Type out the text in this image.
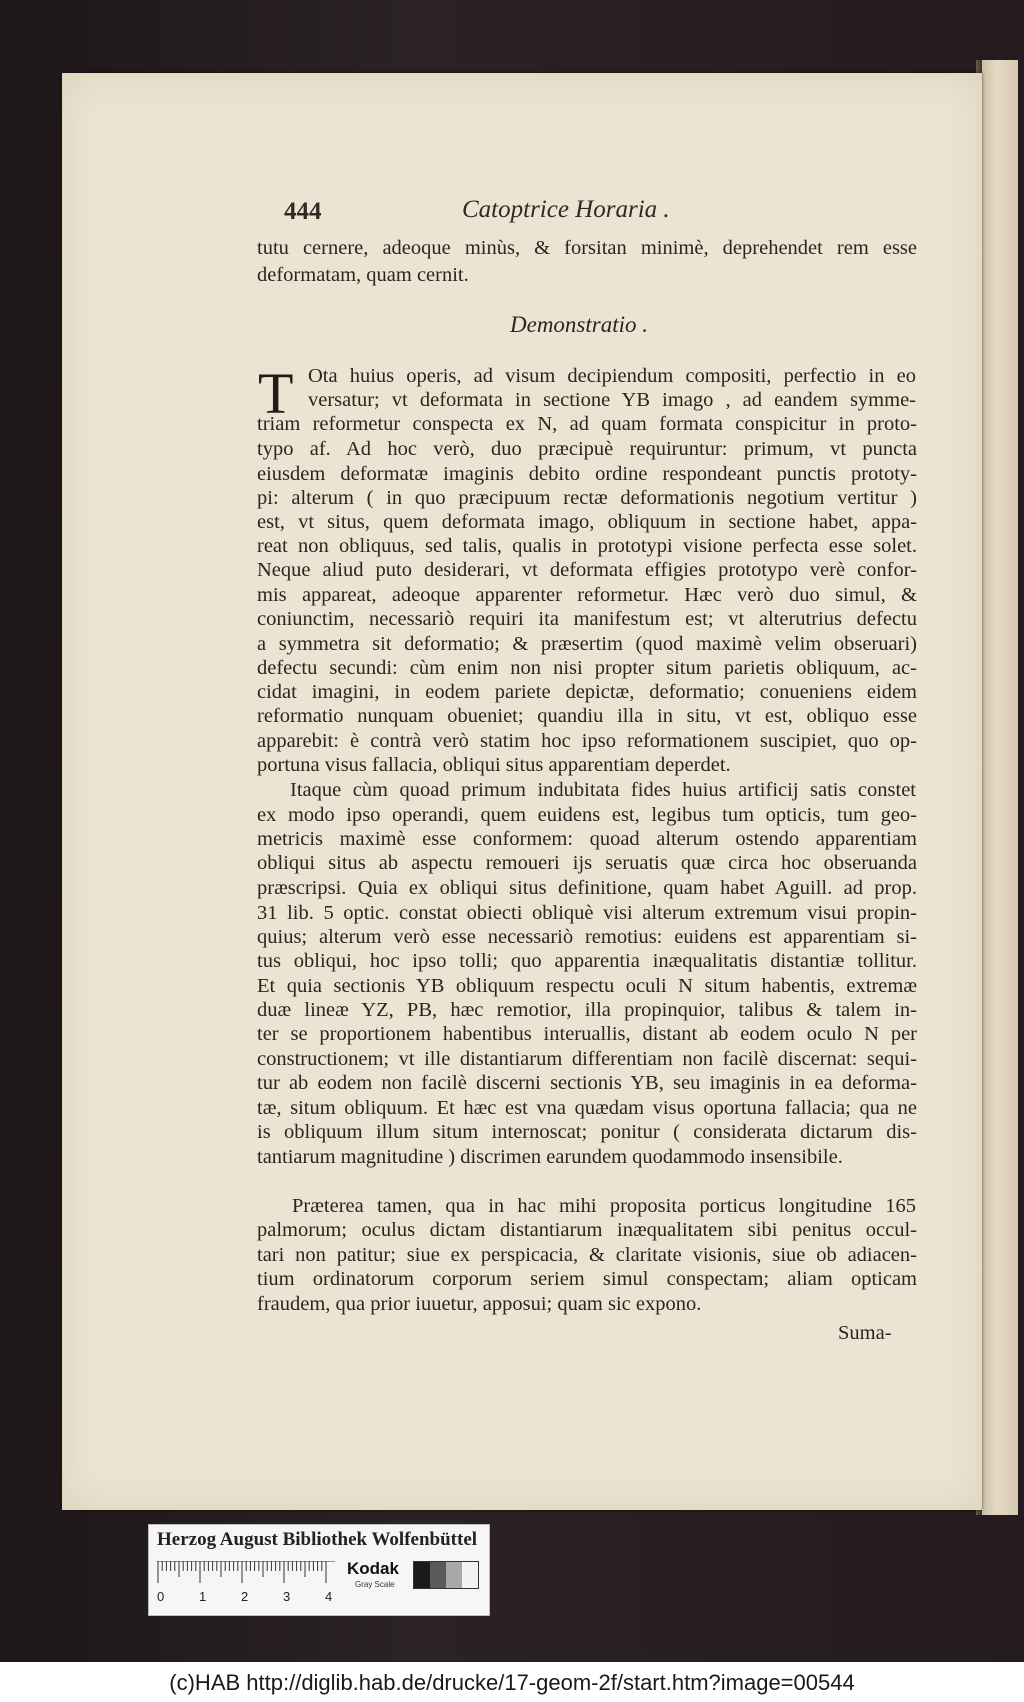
444	Catoptrice Horaria .
tutu cernere, adeoque minùs, & forsitan minimè, deprehendet rem esse
deformatam, quam cernit.
Demonstratio .
T Ota huius operis, ad visum decipiendum compositi, perfectio in eo
versatur; vt deformata in sectione YB imago , ad eandem symme-
triam reformetur conspecta ex N, ad quam formata conspicitur in proto-
typo af. Ad hoc verò, duo præcipuè requiruntur: primum, vt puncta
eiusdem deformatæ imaginis debito ordine respondeant punctis prototy-
pi: alterum ( in quo præcipuum rectæ deformationis negotium vertitur )
est, vt situs, quem deformata imago, obliquum in sectione habet, appa-
reat non obliquus, sed talis, qualis in prototypi visione perfecta esse solet.
Neque aliud puto desiderari, vt deformata effigies prototypo verè confor-
mis appareat, adeoque apparenter reformetur. Hæc verò duo simul, &
coniunctim, necessariò requiri ita manifestum est; vt alterutrius defectu
a symmetra sit deformatio; & præsertim (quod maximè velim obseruari)
defectu secundi: cùm enim non nisi propter situm parietis obliquum, ac-
cidat imagini, in eodem pariete depictæ, deformatio; conueniens eidem
reformatio nunquam obueniet; quandiu illa in situ, vt est, obliquo esse
apparebit: è contrà verò statim hoc ipso reformationem suscipiet, quo op-
portuna visus fallacia, obliqui situs apparentiam deperdet.
Itaque cùm quoad primum indubitata fides huius artificij satis constet
ex modo ipso operandi, quem euidens est, legibus tum opticis, tum geo-
metricis maximè esse conformem: quoad alterum ostendo apparentiam
obliqui situs ab aspectu remoueri ijs seruatis quæ circa hoc obseruanda
præscripsi. Quia ex obliqui situs definitione, quam habet Aguill. ad prop.
31 lib. 5 optic. constat obiecti obliquè visi alterum extremum visui propin-
quius; alterum verò esse necessariò remotius: euidens est apparentiam si-
tus obliqui, hoc ipso tolli; quo apparentia inæqualitatis distantiæ tollitur.
Et quia sectionis YB obliquum respectu oculi N situm habentis, extremæ
duæ lineæ YZ, PB, hæc remotior, illa propinquior, talibus & talem in-
ter se proportionem habentibus interuallis, distant ab eodem oculo N per
constructionem; vt ille distantiarum differentiam non facilè discernat: sequi-
tur ab eodem non facilè discerni sectionis YB, seu imaginis in ea deforma-
tæ, situm obliquum. Et hæc est vna quædam visus oportuna fallacia; qua ne
is obliquum illum situm internoscat; ponitur ( considerata dictarum dis-
tantiarum magnitudine ) discrimen earundem quodammodo insensibile.
Præterea tamen, qua in hac mihi proposita porticus longitudine 165
palmorum; oculus dictam distantiarum inæqualitatem sibi penitus occul-
tari non patitur; siue ex perspicacia, & claritate visionis, siue ob adiacen-
tium ordinatorum corporum seriem simul conspectam; aliam opticam
fraudem, qua prior iuuetur, apposui; quam sic expono.
Suma-
Herzog August Bibliothek Wolfenbüttel
0	1	2	3	4
Kodak
Gray Scale
(c)HAB http://diglib.hab.de/drucke/17-geom-2f/start.htm?image=00544
